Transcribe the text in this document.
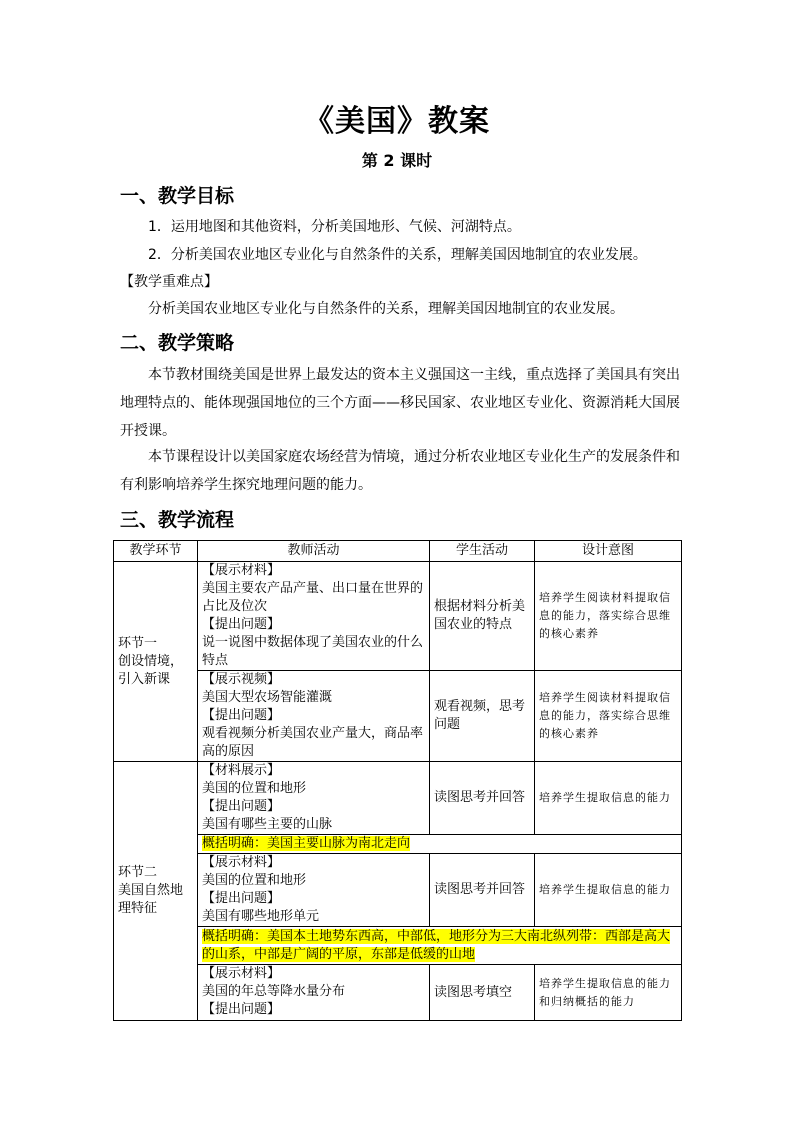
《美国》教案
第 2 课时
一、教学目标
1．运用地图和其他资料，分析美国地形、气候、河湖特点。
2．分析美国农业地区专业化与自然条件的关系，理解美国因地制宜的农业发展。
【教学重难点】
分析美国农业地区专业化与自然条件的关系，理解美国因地制宜的农业发展。
二、教学策略
本节教材围绕美国是世界上最发达的资本主义强国这一主线，重点选择了美国具有突出地理特点的、能体现强国地位的三个方面——移民国家、农业地区专业化、资源消耗大国展开授课。
本节课程设计以美国家庭农场经营为情境，通过分析农业地区专业化生产的发展条件和有利影响培养学生探究地理问题的能力。
三、教学流程
教学环节	教师活动	学生活动	设计意图
环节一
创设情境，引入新课	【展示材料】
美国主要农产品产量、出口量在世界的占比及位次
【提出问题】
说一说图中数据体现了美国农业的什么特点	根据材料分析美国农业的特点	培养学生阅读材料提取信息的能力，落实综合思维的核心素养
	【展示视频】
美国大型农场智能灌溉
【提出问题】
观看视频分析美国农业产量大，商品率高的原因	观看视频，思考问题	培养学生阅读材料提取信息的能力，落实综合思维的核心素养
环节二
美国自然地理特征	【材料展示】
美国的位置和地形
【提出问题】
美国有哪些主要的山脉	读图思考并回答	培养学生提取信息的能力
	概括明确：美国主要山脉为南北走向		
	【展示材料】
美国的位置和地形
【提出问题】
美国有哪些地形单元	读图思考并回答	培养学生提取信息的能力
	概括明确：美国本土地势东西高，中部低，地形分为三大南北纵列带：西部是高大的山系，中部是广阔的平原，东部是低缓的山地		
	【展示材料】
美国的年总等降水量分布
【提出问题】	读图思考填空	培养学生提取信息的能力和归纳概括的能力
